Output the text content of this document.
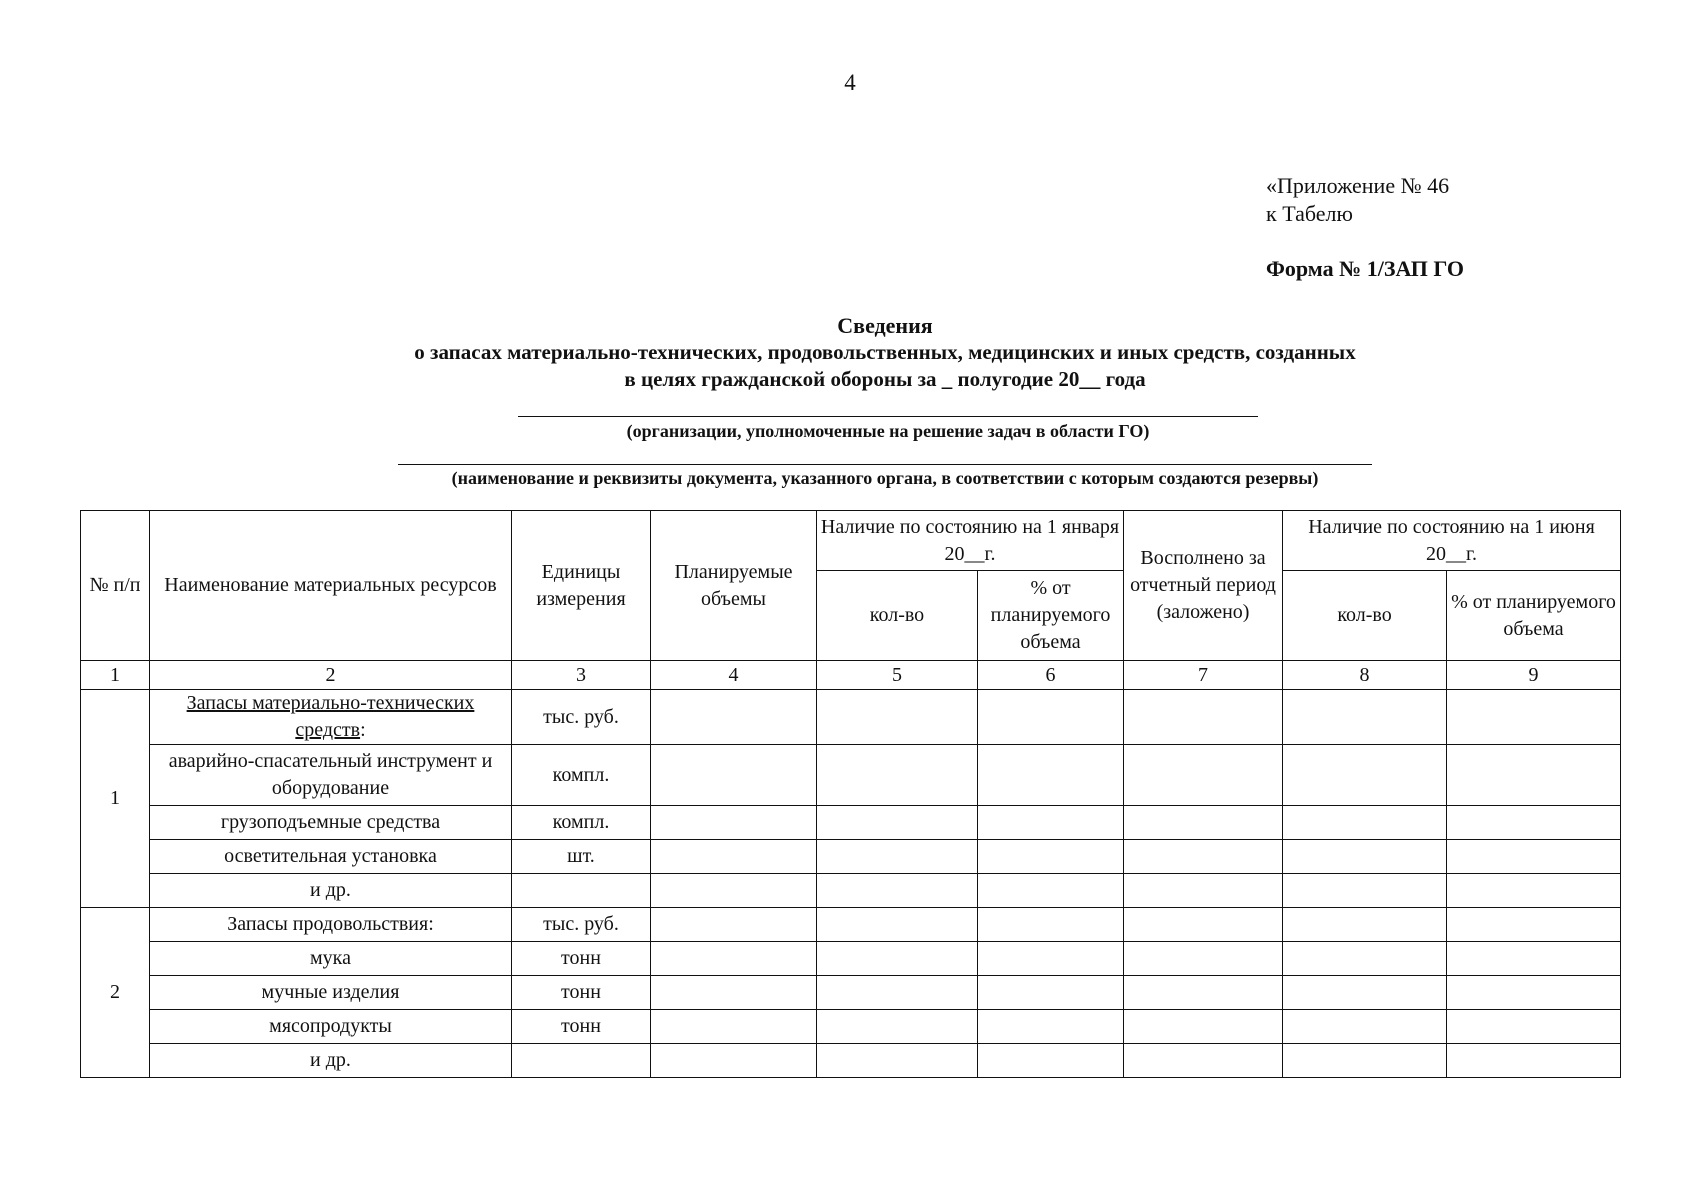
4
«Приложение № 46
к Табелю
Форма № 1/ЗАП ГО
Сведения
о запасах материально-технических, продовольственных, медицинских и иных средств, созданных
в целях гражданской обороны за _ полугодие 20__ года
(организации, уполномоченные на решение задач в области ГО)
(наименование и реквизиты документа, указанного органа, в соответствии с которым создаются резервы)
№ п/п	Наименование материальных ресурсов	Единицы измерения	Планируемые объемы	Наличие по состоянию на 1 января 20__г.		Восполнено за отчетный период (заложено)	Наличие по состоянию на 1 июня 20__г.	
				кол-во	% от планируемого объема		кол-во	% от планируемого объема
1	2	3	4	5	6	7	8	9
1	Запасы материально-технических средств:	тыс. руб.						
	аварийно-спасательный инструмент и оборудование	компл.						
	грузоподъемные средства	компл.						
	осветительная установка	шт.						
	и др.							
2	Запасы продовольствия:	тыс. руб.						
	мука	тонн						
	мучные изделия	тонн						
	мясопродукты	тонн						
	и др.							
